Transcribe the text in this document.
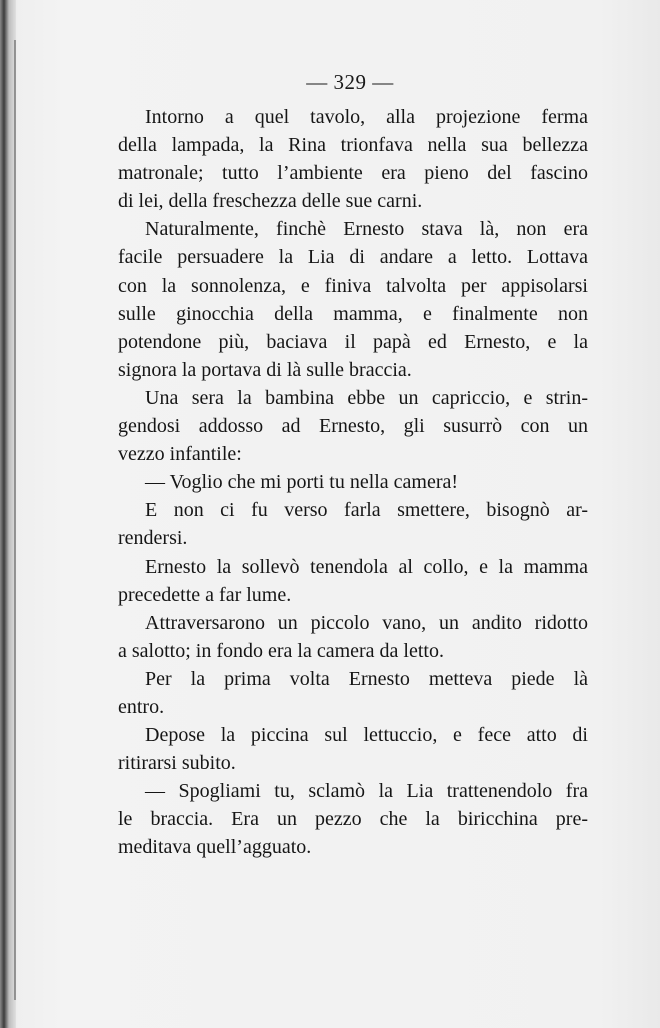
— 329 —
Intorno a quel tavolo, alla projezione ferma
della lampada, la Rina trionfava nella sua bellezza
matronale; tutto l’ambiente era pieno del fascino
di lei, della freschezza delle sue carni.
Naturalmente, finchè Ernesto stava là, non era
facile persuadere la Lia di andare a letto. Lottava
con la sonnolenza, e finiva talvolta per appisolarsi
sulle ginocchia della mamma, e finalmente non
potendone più, baciava il papà ed Ernesto, e la
signora la portava di là sulle braccia.
Una sera la bambina ebbe un capriccio, e strin-
gendosi addosso ad Ernesto, gli susurrò con un
vezzo infantile:
— Voglio che mi porti tu nella camera!
E non ci fu verso farla smettere, bisognò ar-
rendersi.
Ernesto la sollevò tenendola al collo, e la mamma
precedette a far lume.
Attraversarono un piccolo vano, un andito ridotto
a salotto; in fondo era la camera da letto.
Per la prima volta Ernesto metteva piede là
entro.
Depose la piccina sul lettuccio, e fece atto di
ritirarsi subito.
— Spogliami tu, sclamò la Lia trattenendolo fra
le braccia. Era un pezzo che la biricchina pre-
meditava quell’agguato.
